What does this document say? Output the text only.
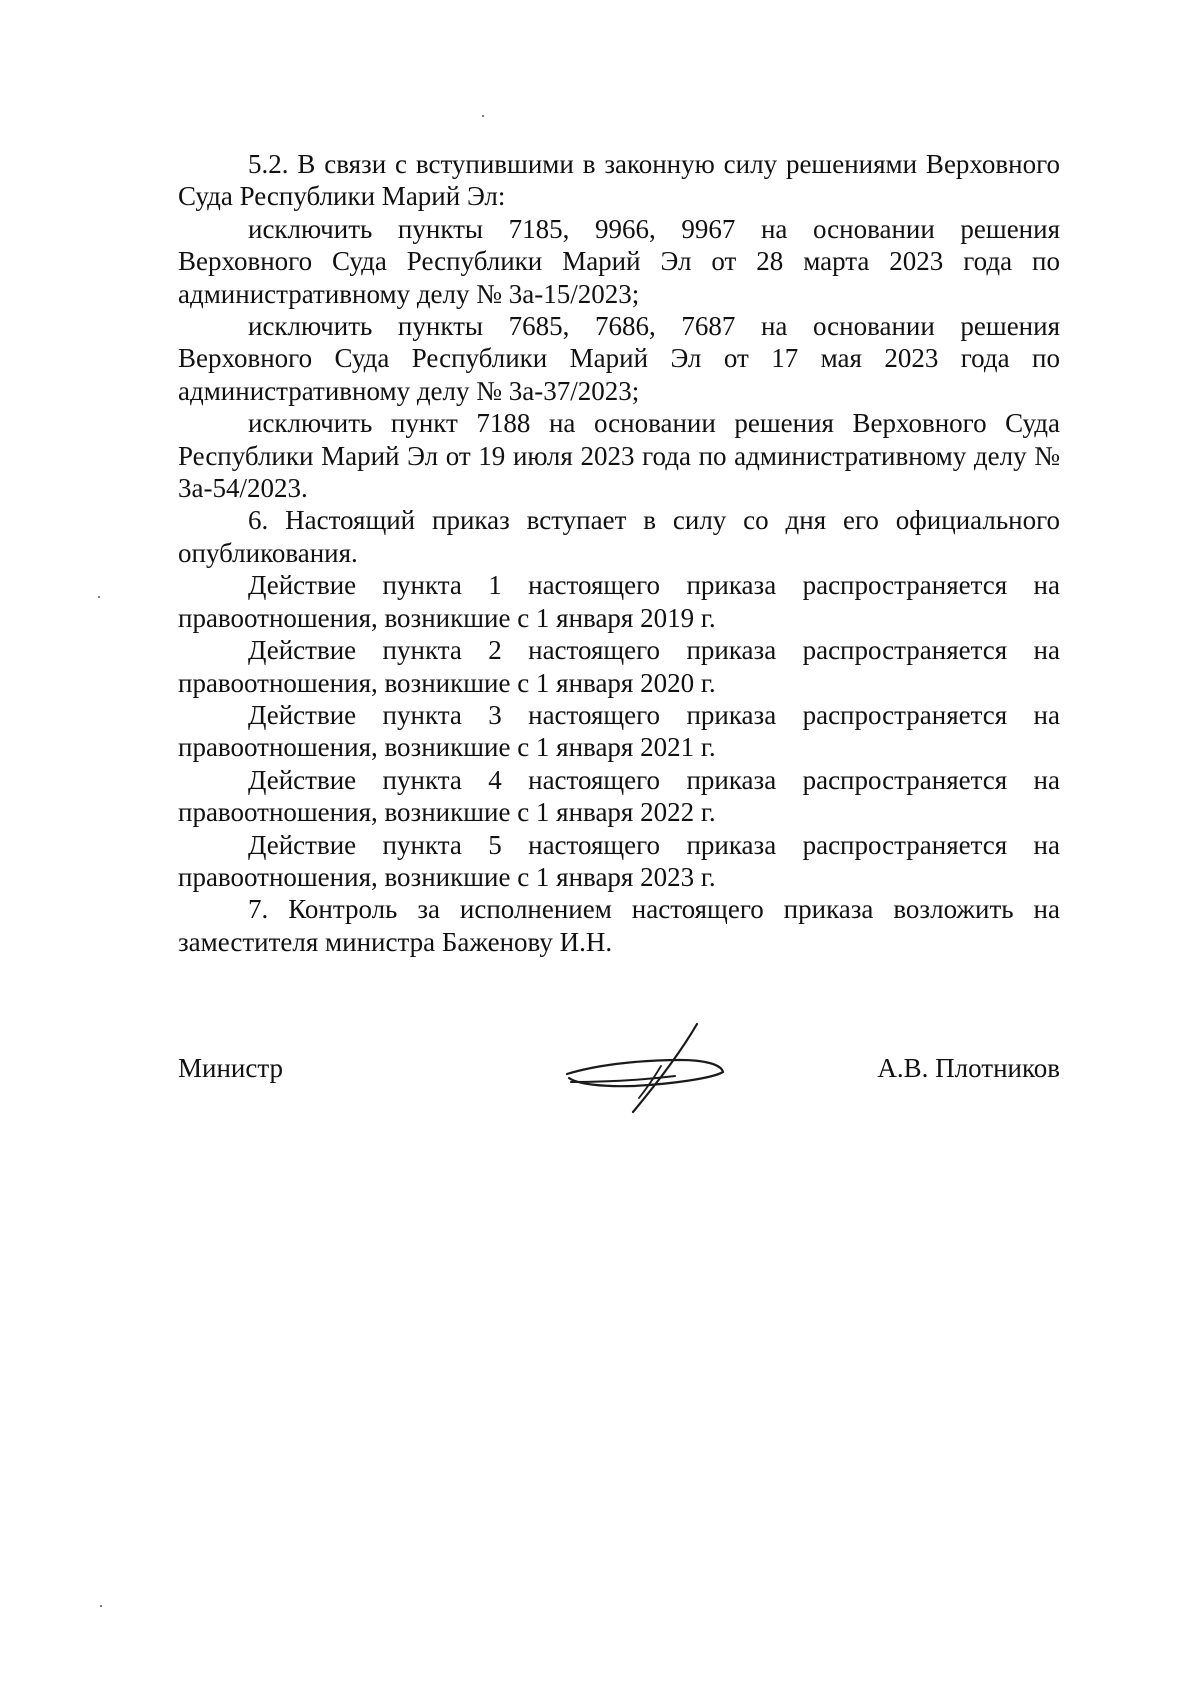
5.2. В связи с вступившими в законную силу решениями Верховного Суда Республики Марий Эл:

исключить пункты 7185, 9966, 9967 на основании решения Верховного Суда Республики Марий Эл от 28 марта 2023 года по административному делу № 3а-15/2023;

исключить пункты 7685, 7686, 7687 на основании решения Верховного Суда Республики Марий Эл от 17 мая 2023 года по административному делу № 3а-37/2023;

исключить пункт 7188 на основании решения Верховного Суда Республики Марий Эл от 19 июля 2023 года по административному делу № 3а-54/2023.

6. Настоящий приказ вступает в силу со дня его официального опубликования.

Действие пункта 1 настоящего приказа распространяется на правоотношения, возникшие с 1 января 2019 г.

Действие пункта 2 настоящего приказа распространяется на правоотношения, возникшие с 1 января 2020 г.

Действие пункта 3 настоящего приказа распространяется на правоотношения, возникшие с 1 января 2021 г.

Действие пункта 4 настоящего приказа распространяется на правоотношения, возникшие с 1 января 2022 г.

Действие пункта 5 настоящего приказа распространяется на правоотношения, возникшие с 1 января 2023 г.

7. Контроль за исполнением настоящего приказа возложить на заместителя министра Баженову И.Н.

Министр	А.В. Плотников
